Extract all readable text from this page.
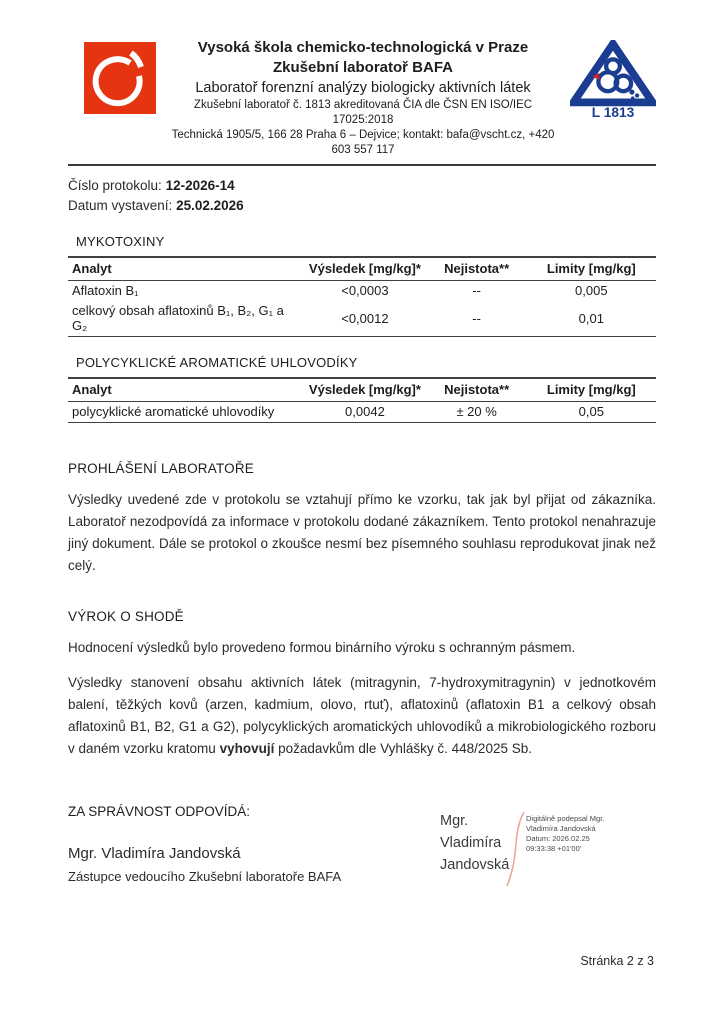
Vysoká škola chemicko-technologická v Praze
Zkušební laboratoř BAFA
Laboratoř forenzní analýzy biologicky aktivních látek
Zkušební laboratoř č. 1813 akreditovaná ČIA dle ČSN EN ISO/IEC 17025:2018
Technická 1905/5, 166 28 Praha 6 – Dejvice; kontakt: bafa@vscht.cz, +420 603 557 117
L 1813
Číslo protokolu: 12-2026-14
Datum vystavení: 25.02.2026
MYKOTOXINY
Analyt	Výsledek [mg/kg]*	Nejistota**	Limity [mg/kg]
Aflatoxin B₁	<0,0003	--	0,005
celkový obsah aflatoxinů B₁, B₂, G₁ a G₂	<0,0012	--	0,01
POLYCYKLICKÉ AROMATICKÉ UHLOVODÍKY
Analyt	Výsledek [mg/kg]*	Nejistota**	Limity [mg/kg]
polycyklické aromatické uhlovodíky	0,0042	± 20 %	0,05
PROHLÁŠENÍ LABORATOŘE

Výsledky uvedené zde v protokolu se vztahují přímo ke vzorku, tak jak byl přijat od zákazníka. Laboratoř nezodpovídá za informace v protokolu dodané zákazníkem. Tento protokol nenahrazuje jiný dokument. Dále se protokol o zkoušce nesmí bez písemného souhlasu reprodukovat jinak než celý.

VÝROK O SHODĚ

Hodnocení výsledků bylo provedeno formou binárního výroku s ochranným pásmem.

Výsledky stanovení obsahu aktivních látek (mitragynin, 7-hydroxymitragynin) v jednotkovém balení, těžkých kovů (arzen, kadmium, olovo, rtuť), aflatoxinů (aflatoxin B1 a celkový obsah aflatoxinů B1, B2, G1 a G2), polycyklických aromatických uhlovodíků a mikrobiologického rozboru v daném vzorku kratomu vyhovují požadavkům dle Vyhlášky č. 448/2025 Sb.

ZA SPRÁVNOST ODPOVÍDÁ:
Mgr. Vladimíra Jandovská
Zástupce vedoucího Zkušební laboratoře BAFA
Mgr.
Vladimíra
Jandovská
Digitálně podepsal Mgr.
Vladimíra Jandovská
Datum: 2026.02.25
09:33:38 +01'00'
Stránka 2 z 3
